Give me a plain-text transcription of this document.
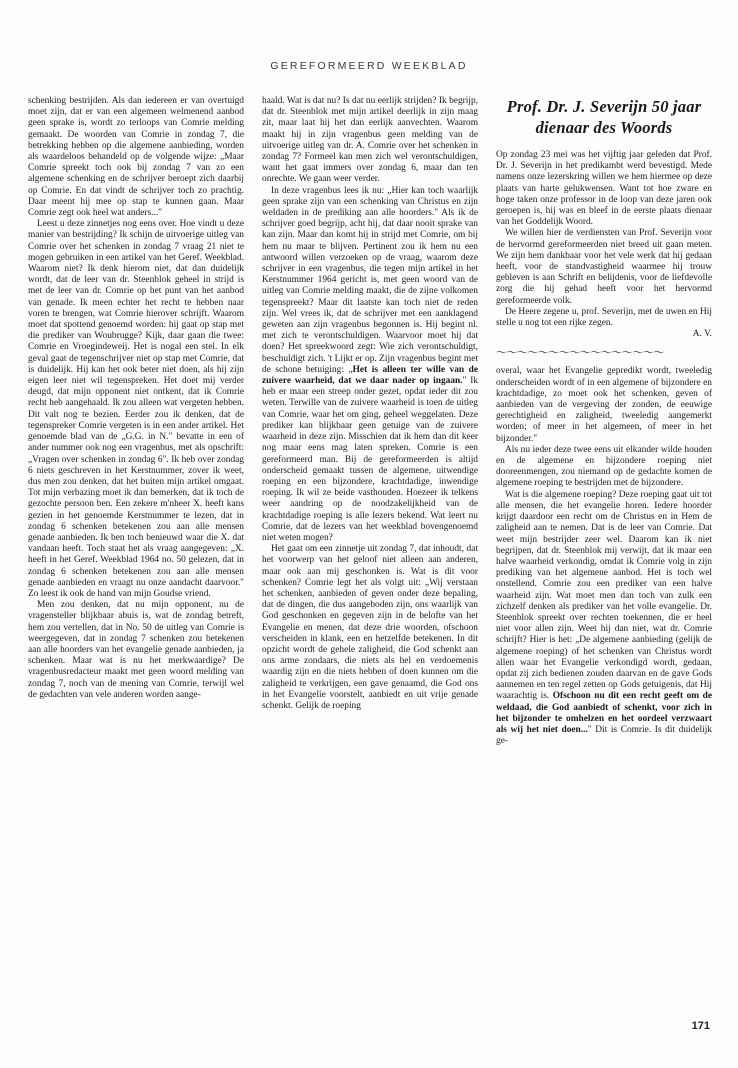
GEREFORMEERD WEEKBLAD

schenking bestrijden. Als dan iedereen er van overtuigd moet zijn, dat er van een algemeen welmenend aanbod geen sprake is, wordt zo terloops van Comrie melding gemaakt. De woorden van Comrie in zondag 7, die betrekking hebben op die algemene aanbieding, worden als waardeloos behandeld op de volgende wijze: „Maar Comrie spreekt toch ook bij zondag 7 van zo een algemene schenking en de schrijver beroept zich daarbij op Comrie. En dat vindt de schrijver toch zo prachtig. Daar meent hij mee op stap te kunnen gaan. Maar Comrie zegt ook heel wat anders..."

Leest u deze zinnetjes nog eens over. Hoe vindt u deze manier van bestrijding? Ik schijn de uitvoerige uitleg van Comrie over het schenken in zondag 7 vraag 21 niet te mogen gebruiken in een artikel van het Geref. Weekblad. Waarom niet? Ik denk hierom niet, dat dan duidelijk wordt, dat de leer van dr. Steenblok geheel in strijd is met de leer van dr. Comrie op het punt van het aanbod van genade. Ik meen echter het recht te hebben naar voren te brengen, wat Comrie hierover schrijft. Waarom moet dat spottend genoemd worden: hij gaat op stap met die prediker van Woubrugge? Kijk, daar gaan die twee: Comrie en Vroegindeweij. Het is nogal een stel. In elk geval gaat de tegenschrijver niet op stap met Comrie, dat is duidelijk. Hij kan het ook beter niet doen, als hij zijn eigen leer niet wil tegenspreken. Het doet mij verder deugd, dat mijn opponent niet ontkent, dat ik Comrie recht heb aangehaald. Ik zou alleen wat vergeten hebben. Dit valt nog te bezien. Eerder zou ik denken, dat de tegenspreker Comrie vergeten is in een ander artikel. Het genoemde blad van de „G.G. in N." bevatte in een of ander nummer ook nog een vragenbus, met als opschrift: „Vragen over schenken in zondag 6". Ik heb over zondag 6 niets geschreven in het Kerstnummer, zover ik weet, dus men zou denken, dat het buiten mijn artikel omgaat. Tot mijn verbazing moet ik dan bemerken, dat ik toch de gezochte persoon ben. Een zekere m'nheer X. heeft kans gezien in het genoemde Kerstnummer te lezen, dat in zondag 6 schenken betekenen zou aan alle mensen genade aanbieden. Ik ben toch benieuwd waar die X. dat vandaan heeft. Toch staat het als vraag aangegeven: „X. heeft in het Geref. Weekblad 1964 no. 50 gelezen, dat in zondag 6 schenken betekenen zou aan alle mensen genade aanbieden en vraagt nu onze aandacht daarvoor." Zo leest ik ook de hand van mijn Goudse vriend.

Men zou denken, dat nu mijn opponent, nu de vragensteller blijkbaar abuis is, wat de zondag betreft, hem zou vertellen, dat in No. 50 de uitleg van Comrie is weergegeven, dat in zondag 7 schenken zou betekenen aan alle hoorders van het evangelie genade aanbieden, ja schenken. Maar wat is nu het merkwaardige? De vragenbusredacteur maakt met geen woord melding van zondag 7, noch van de mening van Comrie, terwijl wel de gedachten van vele anderen worden aange-

haald. Wat is dat nu? Is dat nu eerlijk strijden? Ik begrijp, dat dr. Steenblok met mijn artikel deerlijk in zijn maag zit, maar laat hij het dan eerlijk aanvechten. Waarom maakt hij in zijn vragenbus geen melding van de uitvoerige uitleg van dr. A. Comrie over het schenken in zondag 7? Formeel kan men zich wel verontschuldigen, want het gaat immers over zondag 6, maar dan ten onrechte. We gaan weer verder.

In deze vragenbus lees ik nu: „Hier kan toch waarlijk geen sprake zijn van een schenking van Christus en zijn weldaden in de prediking aan alle hoorders." Als ik de schrijver goed begrijp, acht hij, dat daar nooit sprake van kan zijn. Maar dan komt hij in strijd met Comrie, om bij hem nu maar te blijven. Pertinent zou ik hem nu een antwoord willen verzoeken op de vraag, waarom deze schrijver in een vragenbus, die tegen mijn artikel in het Kerstnummer 1964 gericht is, met geen woord van de uitleg van Comrie melding maakt, die de zijne volkomen tegenspreekt? Maar dit laatste kan toch niet de reden zijn. Wel vrees ik, dat de schrijver met een aanklagend geweten aan zijn vragenbus begonnen is. Hij begint nl. met zich te verontschuldigen. Waarvoor moet hij dat doen? Het spreekwoord zegt: Wie zich verontschuldigt, beschuldigt zich. 't Lijkt er op. Zijn vragenbus begint met de schone betuiging: „Het is alleen ter wille van de zuivere waarheid, dat we daar nader op ingaan." Ik heb er maar een streep onder gezet, opdat ieder dit zou weten. Terwille van de zuivere waarheid is toen de uitleg van Comrie, waar het om ging, geheel weggelaten. Deze prediker kan blijkbaar geen getuige van de zuivere waarheid in deze zijn. Misschien dat ik hem dan dit keer nog maar eens mag laten spreken. Comrie is een gereformeerd man. Bij de gereformeerden is altijd onderscheid gemaakt tussen de algemene, uitwendige roeping en een bijzondere, krachtdadige, inwendige roeping. Ik wil ze beide vasthouden. Hoezeer ik telkens weer aandring op de noodzakelijkheid van de krachtdadige roeping is alle lezers bekend. Wat leert nu Comrie, dat de lezers van het weekblad bovengenoemd niet weten mogen?

Het gaat om een zinnetje uit zondag 7, dat inhoudt, dat het voorwerp van het geloof niet alleen aan anderen, maar ook aan mij geschonken is. Wat is dit voor schenken? Comrie legt het als volgt uit: „Wij verstaan het schenken, aanbieden of geven onder deze bepaling, dat de dingen, die dus aangeboden zijn, ons waarlijk van God geschonken en gegeven zijn in de belofte van het Evangelie en menen, dat deze drie woorden, ofschoon verscheiden in klank, een en hetzelfde betekenen. In dit opzicht wordt de gehele zaligheid, die God schenkt aan ons arme zondaars, die niets als hel en verdoemenis waardig zijn en die niets hebben of doen kunnen om die zaligheid te verkrijgen, een gave genaamd, die God ons in het Evangelie voorstelt, aanbiedt en uit vrije genade schenkt. Gelijk de roeping

Prof. Dr. J. Severijn 50 jaar
dienaar des Woords

Op zondag 23 mei was het vijftig jaar geleden dat Prof. Dr. J. Severijn in het predikambt werd bevestigd. Mede namens onze lezerskring willen we hem hiermee op deze plaats van harte gelukwensen. Want tot hoe zware en hoge taken onze professor in de loop van deze jaren ook geroepen is, hij was en bleef in de eerste plaats dienaar van het Goddelijk Woord.

We willen hier de verdiensten van Prof. Severijn voor de hervormd gereformeerden niet breed uit gaan meten. We zijn hem dankbaar voor het vele werk dat hij gedaan heeft, voor de standvastigheid waarmee hij trouw gebleven is aan Schrift en belijdenis, voor de liefdevolle zorg die hij gehad heeft voor het hervormd gereformeerde volk.

De Heere zegene u, prof. Severijn, met de uwen en Hij stelle u nog tot een rijke zegen.

A. V.

〜〜〜〜〜〜〜〜〜〜〜〜〜〜〜〜

overal, waar het Evangelie gepredikt wordt, tweeledig onderscheiden wordt of in een algemene of bijzondere en krachtdadige, zo moet ook het schenken, geven of aanbieden van de vergeving der zonden, de eeuwige gerechtigheid en zaligheid, tweeledig aangemerkt worden; of meer in het algemeen, of meer in het bijzonder."

Als nu ieder deze twee eens uit elkander wilde houden en de algemene en bijzondere roeping niet dooreenmengen, zou niemand op de gedachte komen de algemene roeping te bestrijden met de bijzondere.

Wat is die algemene roeping? Deze roeping gaat uit tot alle mensen, die het evangelie horen. Iedere hoorder krijgt daardoor een recht om de Christus en in Hem de zaligheid aan te nemen. Dat is de leer van Comrie. Dat weet mijn bestrijder zeer wel. Daarom kan ik niet begrijpen, dat dr. Steenblok mij verwijt, dat ik maar een halve waarheid verkondig, omdat ik Comrie volg in zijn prediking van het algemene aanbod. Het is toch wel onstellend. Comrie zou een prediker van een halve waarheid zijn. Wat moet men dan toch van zulk een zichzelf denken als prediker van het volle evangelie. Dr. Steenblok spreekt over rechten toekennen, die er heel niet voor allen zijn. Weet hij dan niet, wat dr. Comrie schrijft? Hier is het: „De algemene aanbieding (gelijk de algemene roeping) of het schenken van Christus wordt allen waar het Evangelie verkondigd wordt, gedaan, opdat zij zich bedienen zouden daarvan en de gave Gods aannemen en ten regel zetten op Gods getuigenis, dat Hij waarachtig is. Ofschoon nu dit een recht geeft om de weldaad, die God aanbiedt of schenkt, voor zich in het bijzonder te omhelzen en het oordeel verzwaart als wij het niet doen..." Dit is Comrie. Is dit duidelijk ge-

171
